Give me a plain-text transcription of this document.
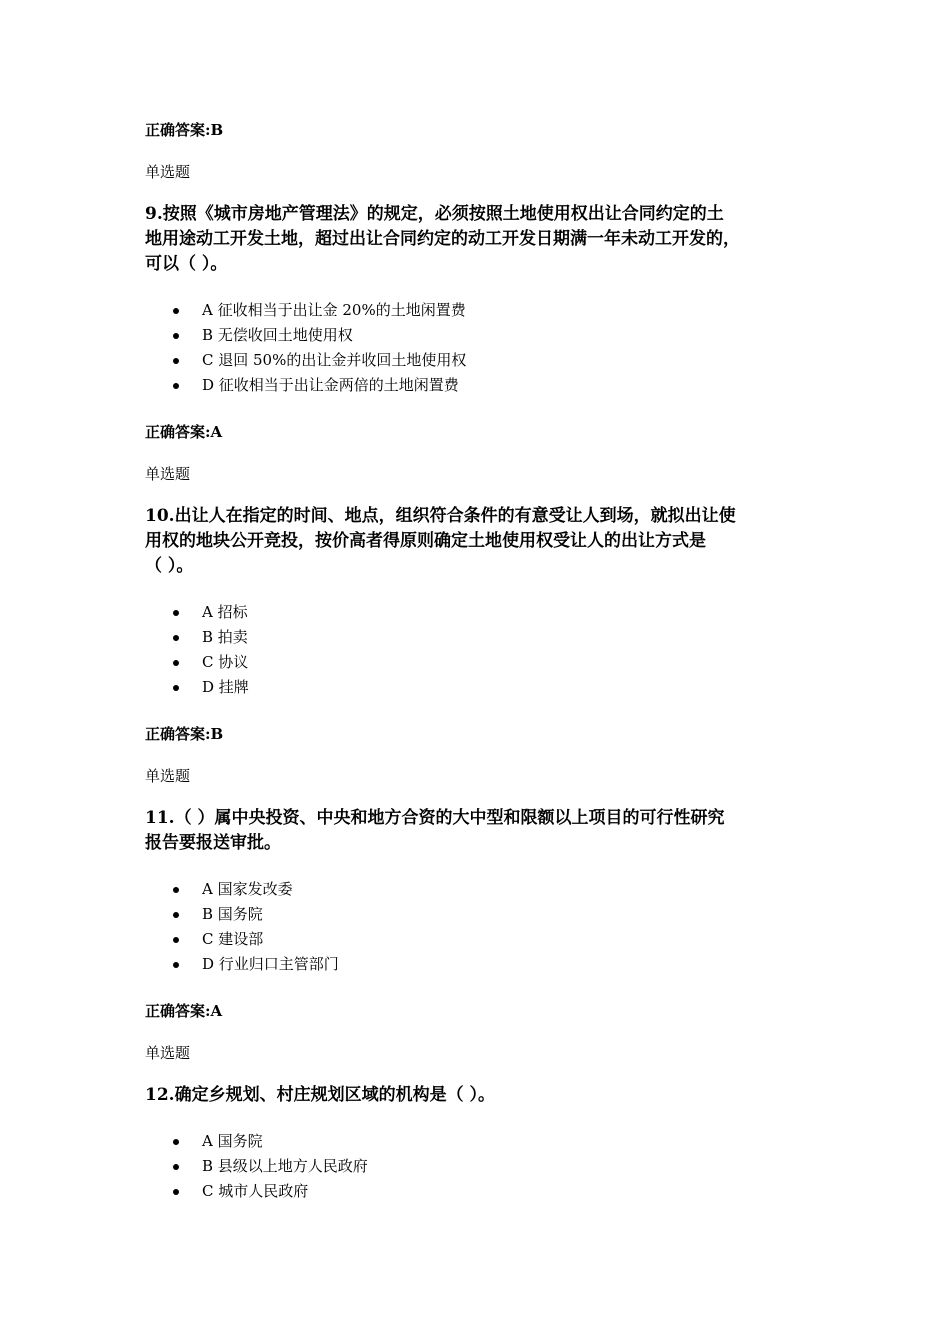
正确答案:B

单选题

9.按照《城市房地产管理法》的规定，必须按照土地使用权出让合同约定的土
地用途动工开发土地，超过出让合同约定的动工开发日期满一年未动工开发的，
可以（ ）。
A 征收相当于出让金 20%的土地闲置费
B 无偿收回土地使用权
C 退回 50%的出让金并收回土地使用权
D 征收相当于出让金两倍的土地闲置费

正确答案:A

单选题

10.出让人在指定的时间、地点，组织符合条件的有意受让人到场，就拟出让使
用权的地块公开竞投，按价高者得原则确定土地使用权受让人的出让方式是
（ ）。
A 招标
B 拍卖
C 协议
D 挂牌

正确答案:B

单选题

11.（ ）属中央投资、中央和地方合资的大中型和限额以上项目的可行性研究
报告要报送审批。
A 国家发改委
B 国务院
C 建设部
D 行业归口主管部门

正确答案:A

单选题

12.确定乡规划、村庄规划区域的机构是（ ）。
A 国务院
B 县级以上地方人民政府
C 城市人民政府
